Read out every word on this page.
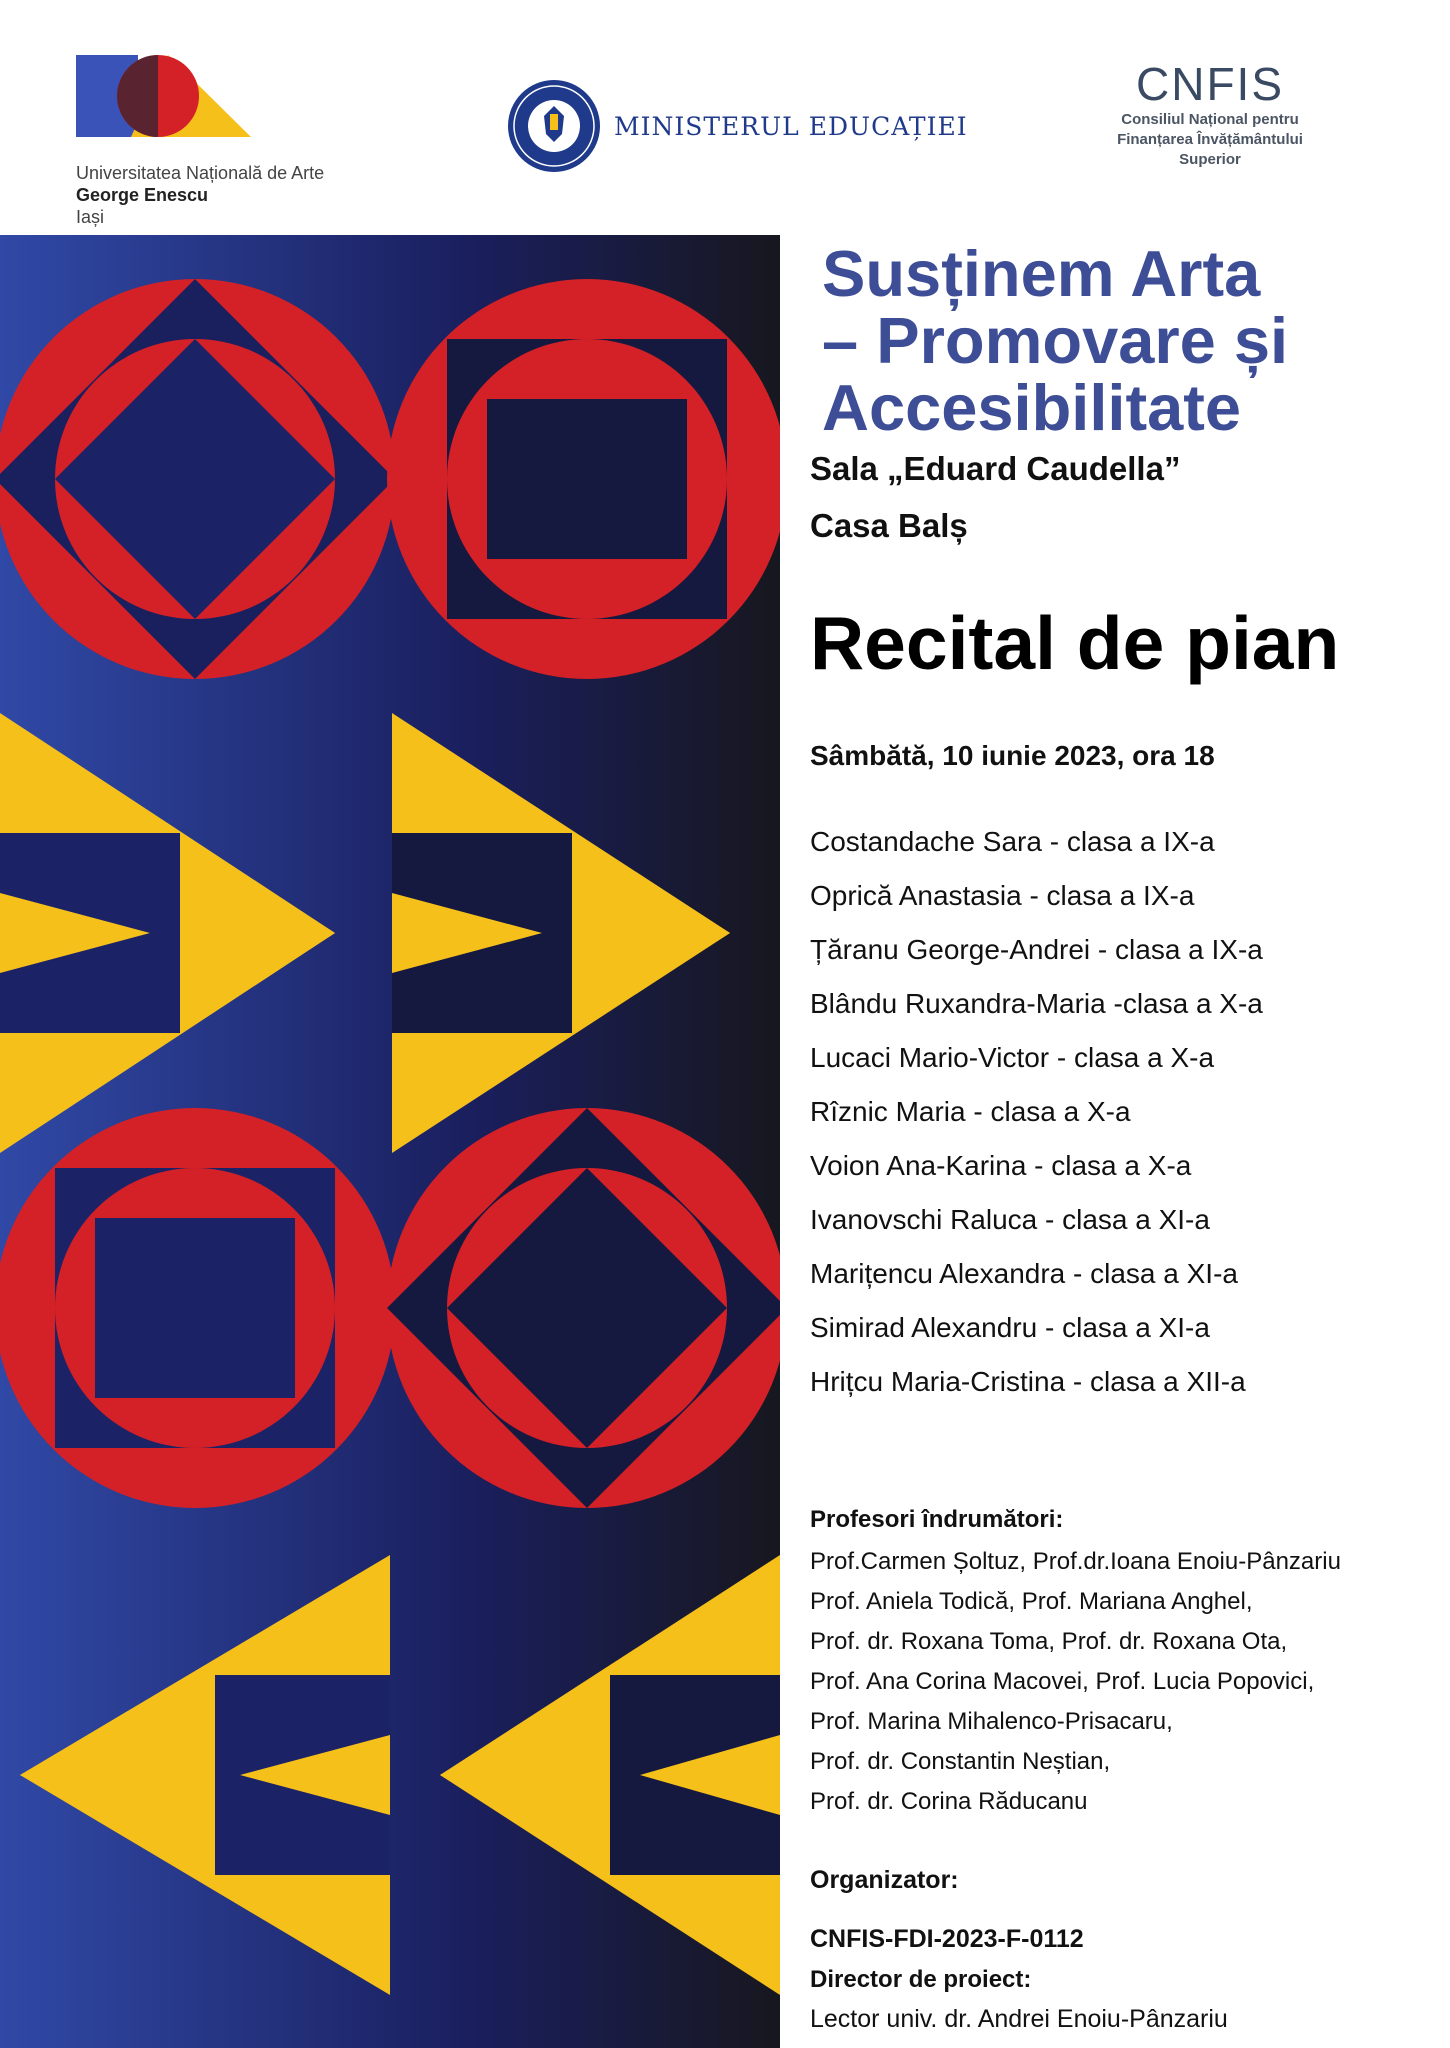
Universitatea Națională de Arte
George Enescu
Iași
MINISTERUL EDUCAȚIEI
CNFIS
Consiliul Național pentru
Finanțarea Învățământului
Superior
Susținem Arta
– Promovare și
Accesibilitate
Sala „Eduard Caudella”
Casa Balș
Recital de pian
Sâmbătă, 10 iunie 2023, ora 18
Costandache Sara - clasa a IX-a
Oprică Anastasia - clasa a IX-a
Țăranu George-Andrei - clasa a IX-a
Blându Ruxandra-Maria -clasa a X-a
Lucaci Mario-Victor - clasa a X-a
Rîznic Maria - clasa a X-a
Voion Ana-Karina - clasa a X-a
Ivanovschi Raluca - clasa a XI-a
Marițencu Alexandra - clasa a XI-a
Simirad Alexandru - clasa a XI-a
Hrițcu Maria-Cristina - clasa a XII-a
Profesori îndrumători:
Prof.Carmen Șoltuz, Prof.dr.Ioana Enoiu-Pânzariu
Prof. Aniela Todică, Prof. Mariana Anghel,
Prof. dr. Roxana Toma, Prof. dr. Roxana Ota,
Prof. Ana Corina Macovei, Prof. Lucia Popovici,
Prof. Marina Mihalenco-Prisacaru,
Prof. dr. Constantin Neștian,
Prof. dr. Corina Răducanu
Organizator:
CNFIS-FDI-2023-F-0112
Director de proiect:
Lector univ. dr. Andrei Enoiu-Pânzariu
